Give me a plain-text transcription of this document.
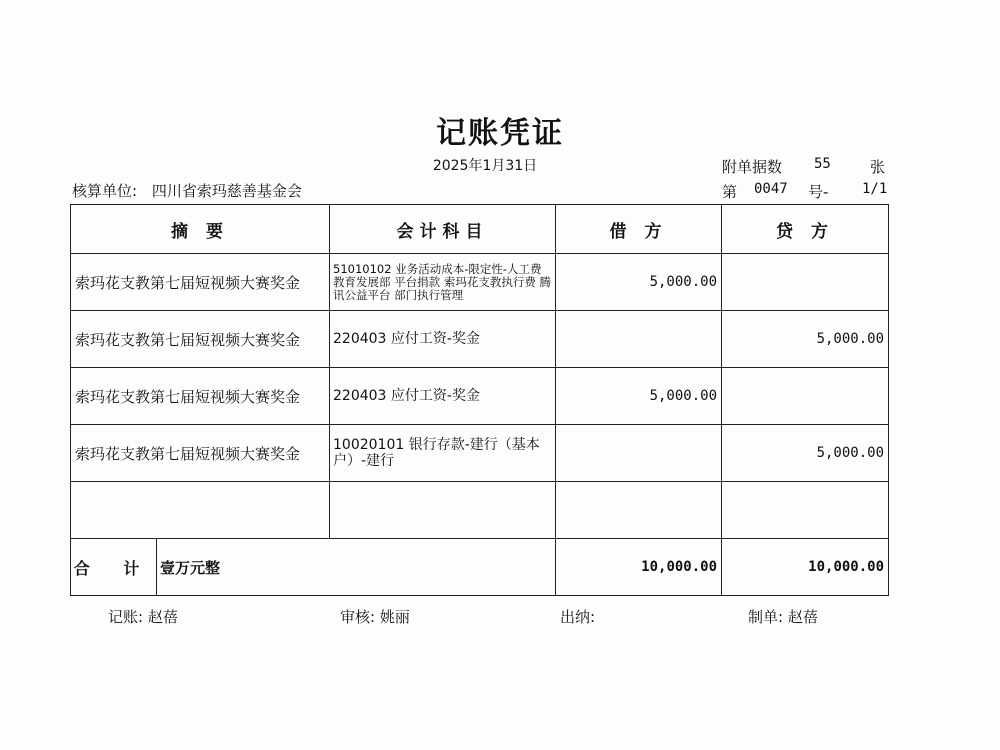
记账凭证
2025年1月31日	附单据数 55	张
核算单位: 四川省索玛慈善基金会	第 0047 号- 1/1
摘 要		会计科目	借 方	贷 方
索玛花支教第七届短视频大赛奖金		51010102 业务活动成本-限定性-人工费 教育发展部 平台捐款 索玛花支教执行费 腾讯公益平台 部门执行管理	5,000.00	
索玛花支教第七届短视频大赛奖金		220403 应付工资-奖金		5,000.00
索玛花支教第七届短视频大赛奖金		220403 应付工资-奖金	5,000.00	
索玛花支教第七届短视频大赛奖金		10020101 银行存款-建行（基本户）-建行		5,000.00

合 计	壹万元整		10,000.00	10,000.00
记账: 赵蓓	审核: 姚丽	出纳:	制单: 赵蓓
